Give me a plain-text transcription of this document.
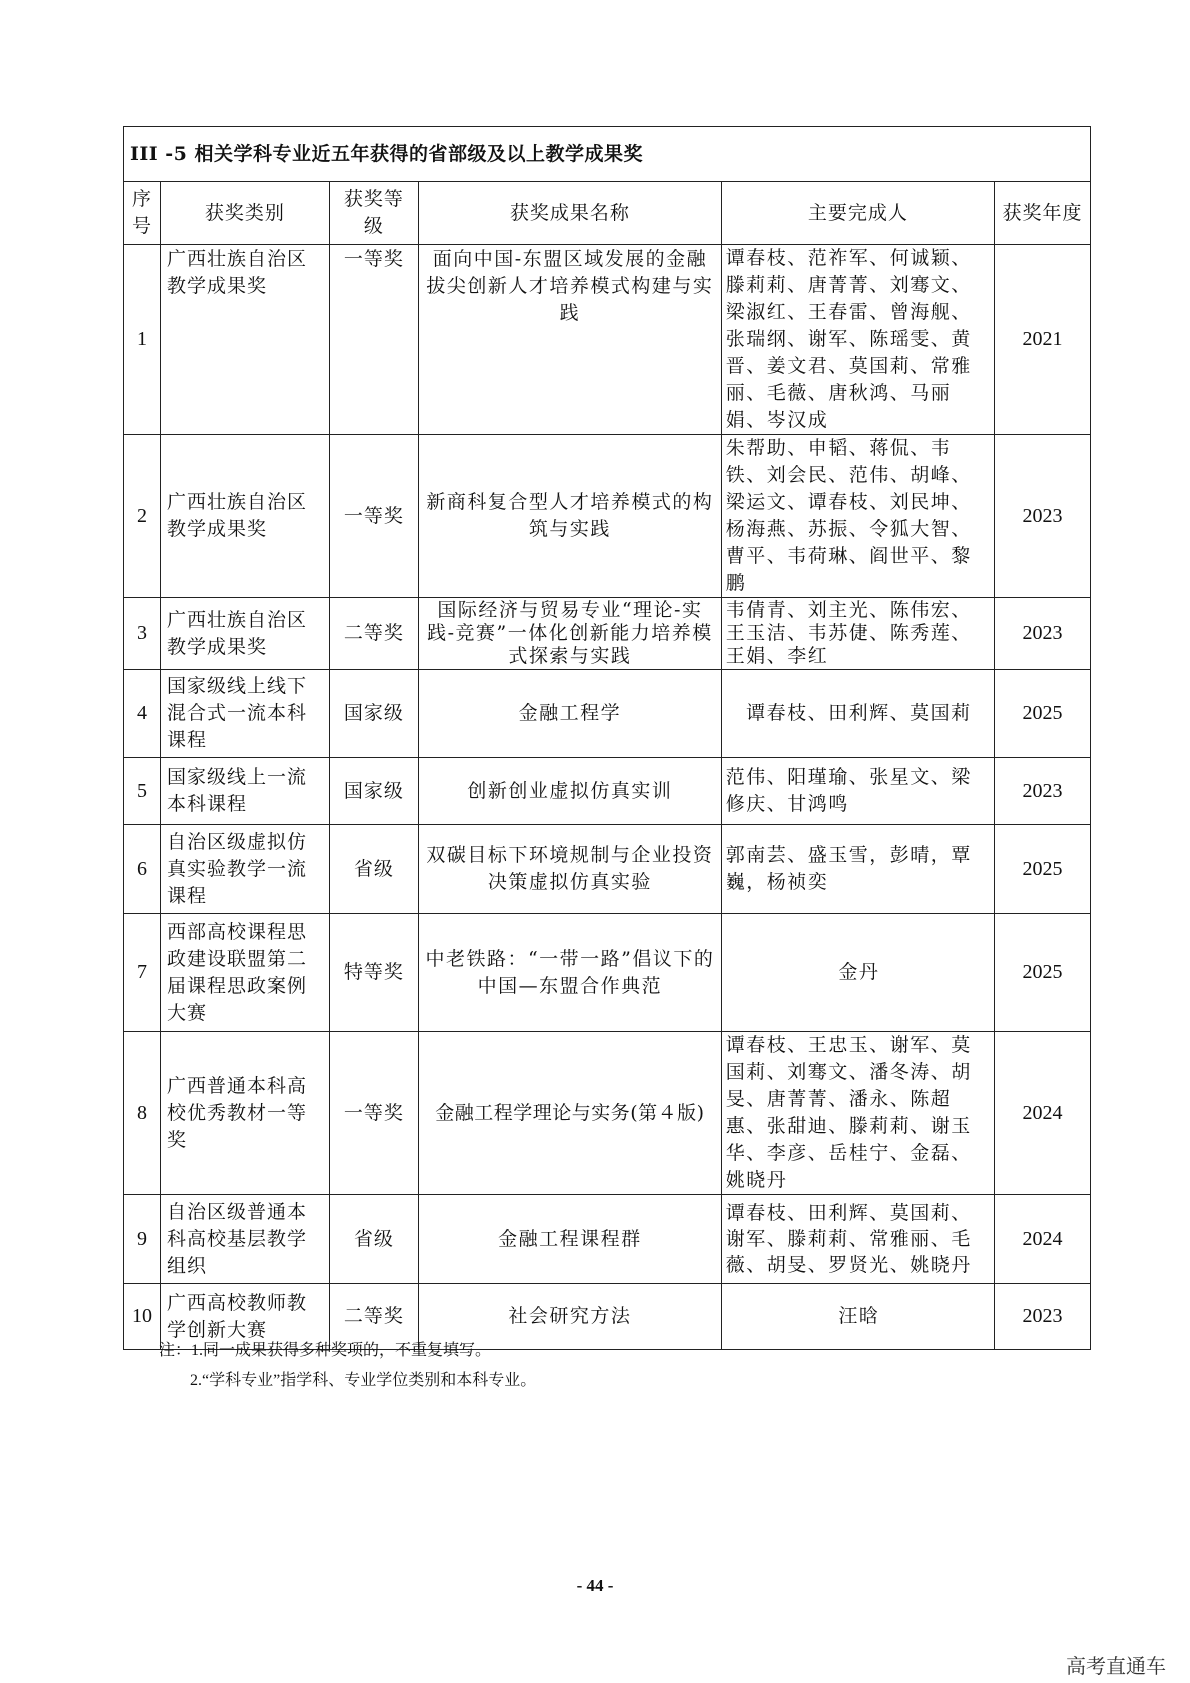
III -5 相关学科专业近五年获得的省部级及以上教学成果奖					
序号	获奖类别	获奖等级	获奖成果名称	主要完成人	获奖年度
1	广西壮族自治区教学成果奖	一等奖	面向中国-东盟区域发展的金融拔尖创新人才培养模式构建与实践	谭春枝、范祚军、何诚颖、滕莉莉、唐菁菁、刘骞文、梁淑红、王春雷、曾海舰、张瑞纲、谢军、陈瑶雯、黄晋、姜文君、莫国莉、常雅丽、毛薇、唐秋鸿、马丽娟、岑汉成	2021
2	广西壮族自治区教学成果奖	一等奖	新商科复合型人才培养模式的构筑与实践	朱帮助、申韬、蒋侃、韦铁、刘会民、范伟、胡峰、梁运文、谭春枝、刘民坤、杨海燕、苏振、令狐大智、曹平、韦荷琳、阎世平、黎鹏	2023
3	广西壮族自治区教学成果奖	二等奖	国际经济与贸易专业“理论-实践-竞赛”一体化创新能力培养模式探索与实践	韦倩青、刘主光、陈伟宏、王玉洁、韦苏倢、陈秀莲、王娟、李红	2023
4	国家级线上线下混合式一流本科课程	国家级	金融工程学	谭春枝、田利辉、莫国莉	2025
5	国家级线上一流本科课程	国家级	创新创业虚拟仿真实训	范伟、阳瑾瑜、张星文、梁修庆、甘鸿鸣	2023
6	自治区级虚拟仿真实验教学一流课程	省级	双碳目标下环境规制与企业投资决策虚拟仿真实验	郭南芸、盛玉雪，彭晴，覃巍，杨祯奕	2025
7	西部高校课程思政建设联盟第二届课程思政案例大赛	特等奖	中老铁路：“一带一路”倡议下的中国—东盟合作典范	金丹	2025
8	广西普通本科高校优秀教材一等奖	一等奖	金融工程学理论与实务(第４版)	谭春枝、王忠玉、谢军、莫国莉、刘骞文、潘冬涛、胡旻、唐菁菁、潘永、陈超惠、张甜迪、滕莉莉、谢玉华、李彦、岳桂宁、金磊、姚晓丹	2024
9	自治区级普通本科高校基层教学组织	省级	金融工程课程群	谭春枝、田利辉、莫国莉、谢军、滕莉莉、常雅丽、毛薇、胡旻、罗贤光、姚晓丹	2024
10	广西高校教师教学创新大赛	二等奖	社会研究方法	汪晗	2023
注：1.同一成果获得多种奖项的，不重复填写。
2.“学科专业”指学科、专业学位类别和本科专业。
- 44 -
高考直通车
